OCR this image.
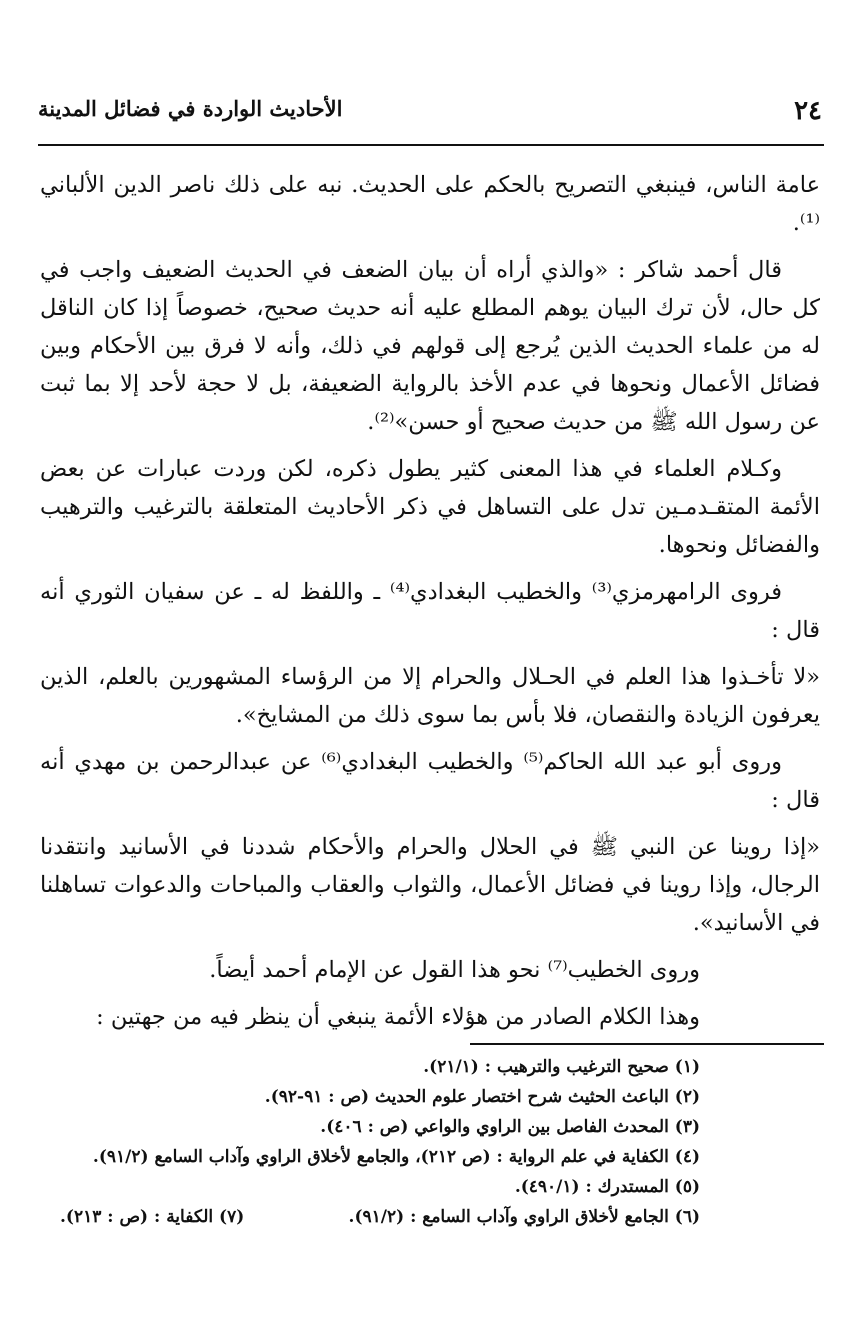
٢٤
الأحاديث الواردة في فضائل المدينة

عامة الناس، فينبغي التصريح بالحكم على الحديث. نبه على ذلك ناصر الدين الألباني ⁽¹⁾.

قال أحمد شاكر : «والذي أراه أن بيان الضعف في الحديث الضعيف واجب في كل حال، لأن ترك البيان يوهم المطلع عليه أنه حديث صحيح، خصوصاً إذا كان الناقل له من علماء الحديث الذين يُرجع إلى قولهم في ذلك، وأنه لا فرق بين الأحكام وبين فضائل الأعمال ونحوها في عدم الأخذ بالرواية الضعيفة، بل لا حجة لأحد إلا بما ثبت عن رسول الله ﷺ من حديث صحيح أو حسن»⁽²⁾.

وكـلام العلماء في هذا المعنى كثير يطول ذكره، لكن وردت عبارات عن بعض الأئمة المتقـدمـين تدل على التساهل في ذكر الأحاديث المتعلقة بالترغيب والترهيب والفضائل ونحوها.

فروى الرامهرمزي⁽³⁾ والخطيب البغدادي⁽⁴⁾ ـ واللفظ له ـ عن سفيان الثوري أنه قال :

«لا تأخـذوا هذا العلم في الحـلال والحرام إلا من الرؤساء المشهورين بالعلم، الذين يعرفون الزيادة والنقصان، فلا بأس بما سوى ذلك من المشايخ».

وروى أبو عبد الله الحاكم⁽⁵⁾ والخطيب البغدادي⁽⁶⁾ عن عبدالرحمن بن مهدي أنه قال :

«إذا روينا عن النبي ﷺ في الحلال والحرام والأحكام شددنا في الأسانيد وانتقدنا الرجال، وإذا روينا في فضائل الأعمال، والثواب والعقاب والمباحات والدعوات تساهلنا في الأسانيد».

وروى الخطيب⁽⁷⁾ نحو هذا القول عن الإمام أحمد أيضاً.

وهذا الكلام الصادر من هؤلاء الأئمة ينبغي أن ينظر فيه من جهتين :

(١) صحيح الترغيب والترهيب : (٢١/١).

(٢) الباعث الحثيث شرح اختصار علوم الحديث (ص : ٩١-٩٢).

(٣) المحدث الفاصل بين الراوي والواعي (ص : ٤٠٦).

(٤) الكفاية في علم الرواية : (ص ٢١٢)، والجامع لأخلاق الراوي وآداب السامع (٩١/٢).

(٥) المستدرك : (٤٩٠/١).

(٦) الجامع لأخلاق الراوي وآداب السامع : (٩١/٢).
(٧) الكفاية : (ص : ٢١٣).
